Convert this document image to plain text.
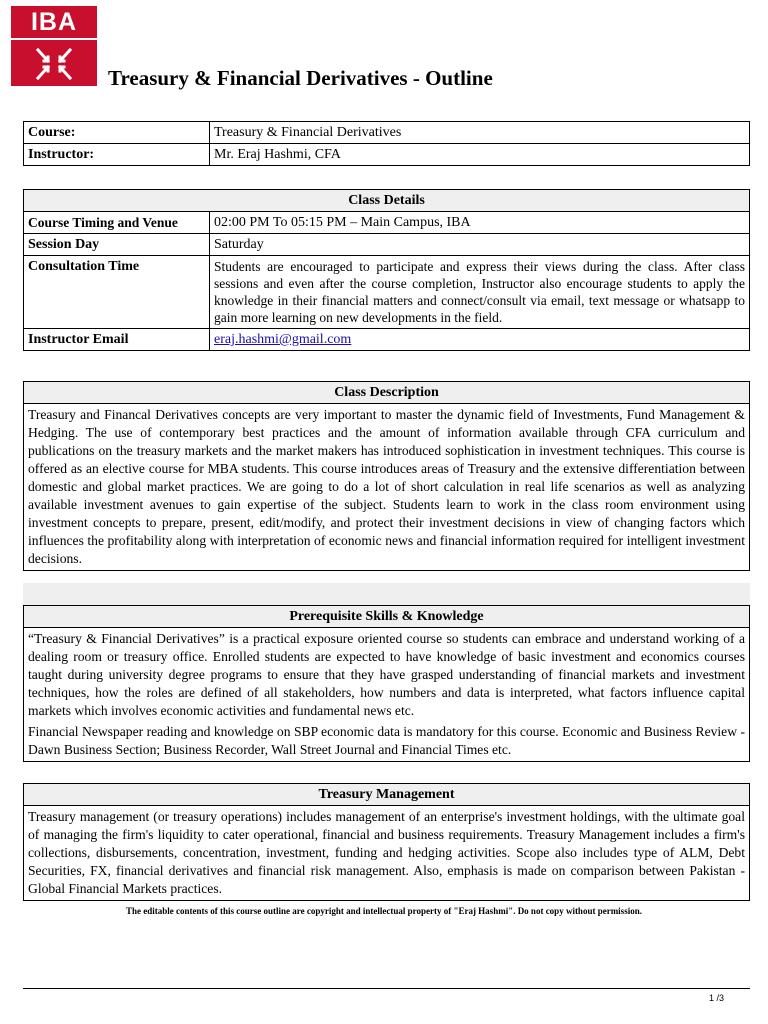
IBA
Treasury & Financial Derivatives - Outline
Course:	Treasury & Financial Derivatives
Instructor:	Mr. Eraj Hashmi, CFA
Class Details	
Course Timing and Venue	02:00 PM To 05:15 PM – Main Campus, IBA
Session Day	Saturday
Consultation Time	Students are encouraged to participate and express their views during the class. After class sessions and even after the course completion, Instructor also encourage students to apply the knowledge in their financial matters and connect/consult via email, text message or whatsapp to gain more learning on new developments in the field.
Instructor Email	eraj.hashmi@gmail.com
Class Description
Treasury and Financal Derivatives concepts are very important to master the dynamic field of Investments, Fund Management & Hedging. The use of contemporary best practices and the amount of information available through CFA curriculum and publications on the treasury markets and the market makers has introduced sophistication in investment techniques. This course is offered as an elective course for MBA students. This course introduces areas of Treasury and the extensive differentiation between domestic and global market practices. We are going to do a lot of short calculation in real life scenarios as well as analyzing available investment avenues to gain expertise of the subject. Students learn to work in the class room environment using investment concepts to prepare, present, edit/modify, and protect their investment decisions in view of changing factors which influences the profitability along with interpretation of economic news and financial information required for intelligent investment decisions.
Prerequisite Skills & Knowledge

“Treasury & Financial Derivatives” is a practical exposure oriented course so students can embrace and understand working of a dealing room or treasury office. Enrolled students are expected to have knowledge of basic investment and economics courses taught during university degree programs to ensure that they have grasped understanding of financial markets and investment techniques, how the roles are defined of all stakeholders, how numbers and data is interpreted, what factors influence capital markets which involves economic activities and fundamental news etc.

Financial Newspaper reading and knowledge on SBP economic data is mandatory for this course. Economic and Business Review - Dawn Business Section; Business Recorder, Wall Street Journal and Financial Times etc.

Treasury Management
Treasury management (or treasury operations) includes management of an enterprise's investment holdings, with the ultimate goal of managing the firm's liquidity to cater operational, financial and business requirements. Treasury Management includes a firm's collections, disbursements, concentration, investment, funding and hedging activities. Scope also includes type of ALM, Debt Securities, FX, financial derivatives and financial risk management. Also, emphasis is made on comparison between Pakistan - Global Financial Markets practices.
The editable contents of this course outline are copyright and intellectual property of "Eraj Hashmi". Do not copy without permission.
1 /3
